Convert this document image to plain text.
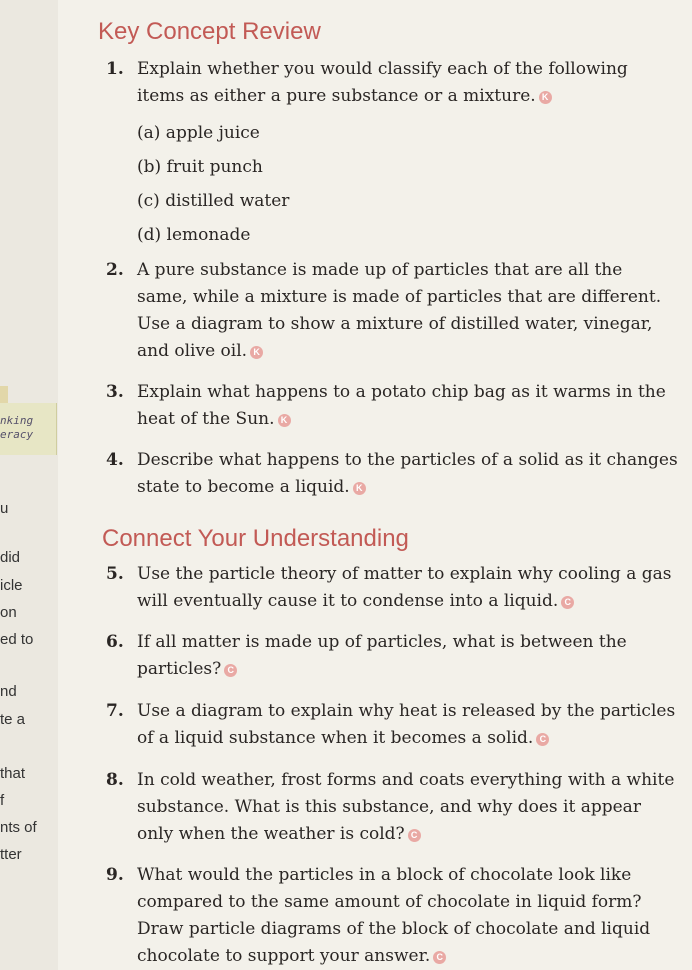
u
did
icle
on
ed to
nd
te a
that
f
nts of
tter
nking
eracy
Key Concept Review
1. Explain whether you would classify each of the following items as either a pure substance or a mixture. K
(a) apple juice
(b) fruit punch
(c) distilled water
(d) lemonade
2. A pure substance is made up of particles that are all the same, while a mixture is made of particles that are different. Use a diagram to show a mixture of distilled water, vinegar, and olive oil. K
3. Explain what happens to a potato chip bag as it warms in the heat of the Sun. K
4. Describe what happens to the particles of a solid as it changes state to become a liquid. K
Connect Your Understanding
5. Use the particle theory of matter to explain why cooling a gas will eventually cause it to condense into a liquid. C
6. If all matter is made up of particles, what is between the particles? C
7. Use a diagram to explain why heat is released by the particles of a liquid substance when it becomes a solid. C
8. In cold weather, frost forms and coats everything with a white substance. What is this substance, and why does it appear only when the weather is cold? C
9. What would the particles in a block of chocolate look like compared to the same amount of chocolate in liquid form? Draw particle diagrams of the block of chocolate and liquid chocolate to support your answer. C
